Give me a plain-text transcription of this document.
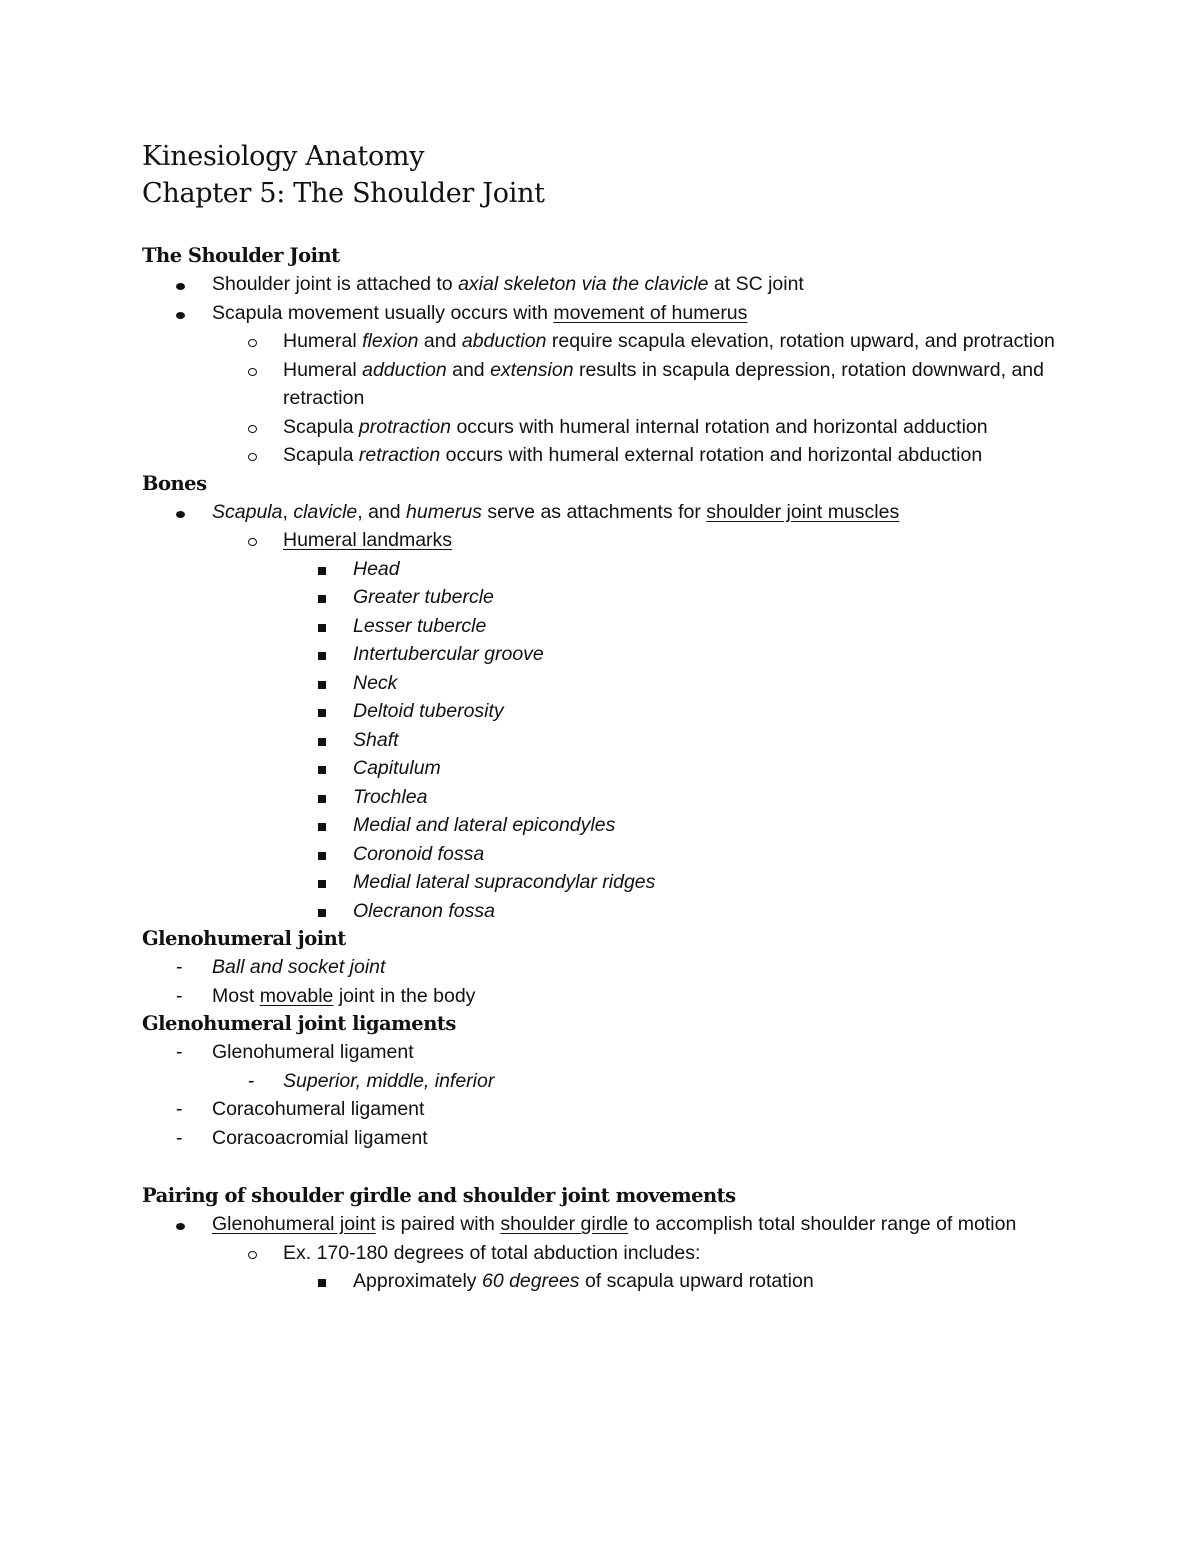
Kinesiology Anatomy
Chapter 5: The Shoulder Joint
The Shoulder Joint
Shoulder joint is attached to axial skeleton via the clavicle at SC joint
Scapula movement usually occurs with movement of humerus
Humeral flexion and abduction require scapula elevation, rotation upward, and protraction
Humeral adduction and extension results in scapula depression, rotation downward, and retraction
Scapula protraction occurs with humeral internal rotation and horizontal adduction
Scapula retraction occurs with humeral external rotation and horizontal abduction
Bones
Scapula, clavicle, and humerus serve as attachments for shoulder joint muscles
Humeral landmarks
Head
Greater tubercle
Lesser tubercle
Intertubercular groove
Neck
Deltoid tuberosity
Shaft
Capitulum
Trochlea
Medial and lateral epicondyles
Coronoid fossa
Medial lateral supracondylar ridges
Olecranon fossa
Glenohumeral joint
- Ball and socket joint
- Most movable joint in the body
Glenohumeral joint ligaments
- Glenohumeral ligament
- Superior, middle, inferior
- Coracohumeral ligament
- Coracoacromial ligament
Pairing of shoulder girdle and shoulder joint movements
Glenohumeral joint is paired with shoulder girdle to accomplish total shoulder range of motion
Ex. 170-180 degrees of total abduction includes:
Approximately 60 degrees of scapula upward rotation
